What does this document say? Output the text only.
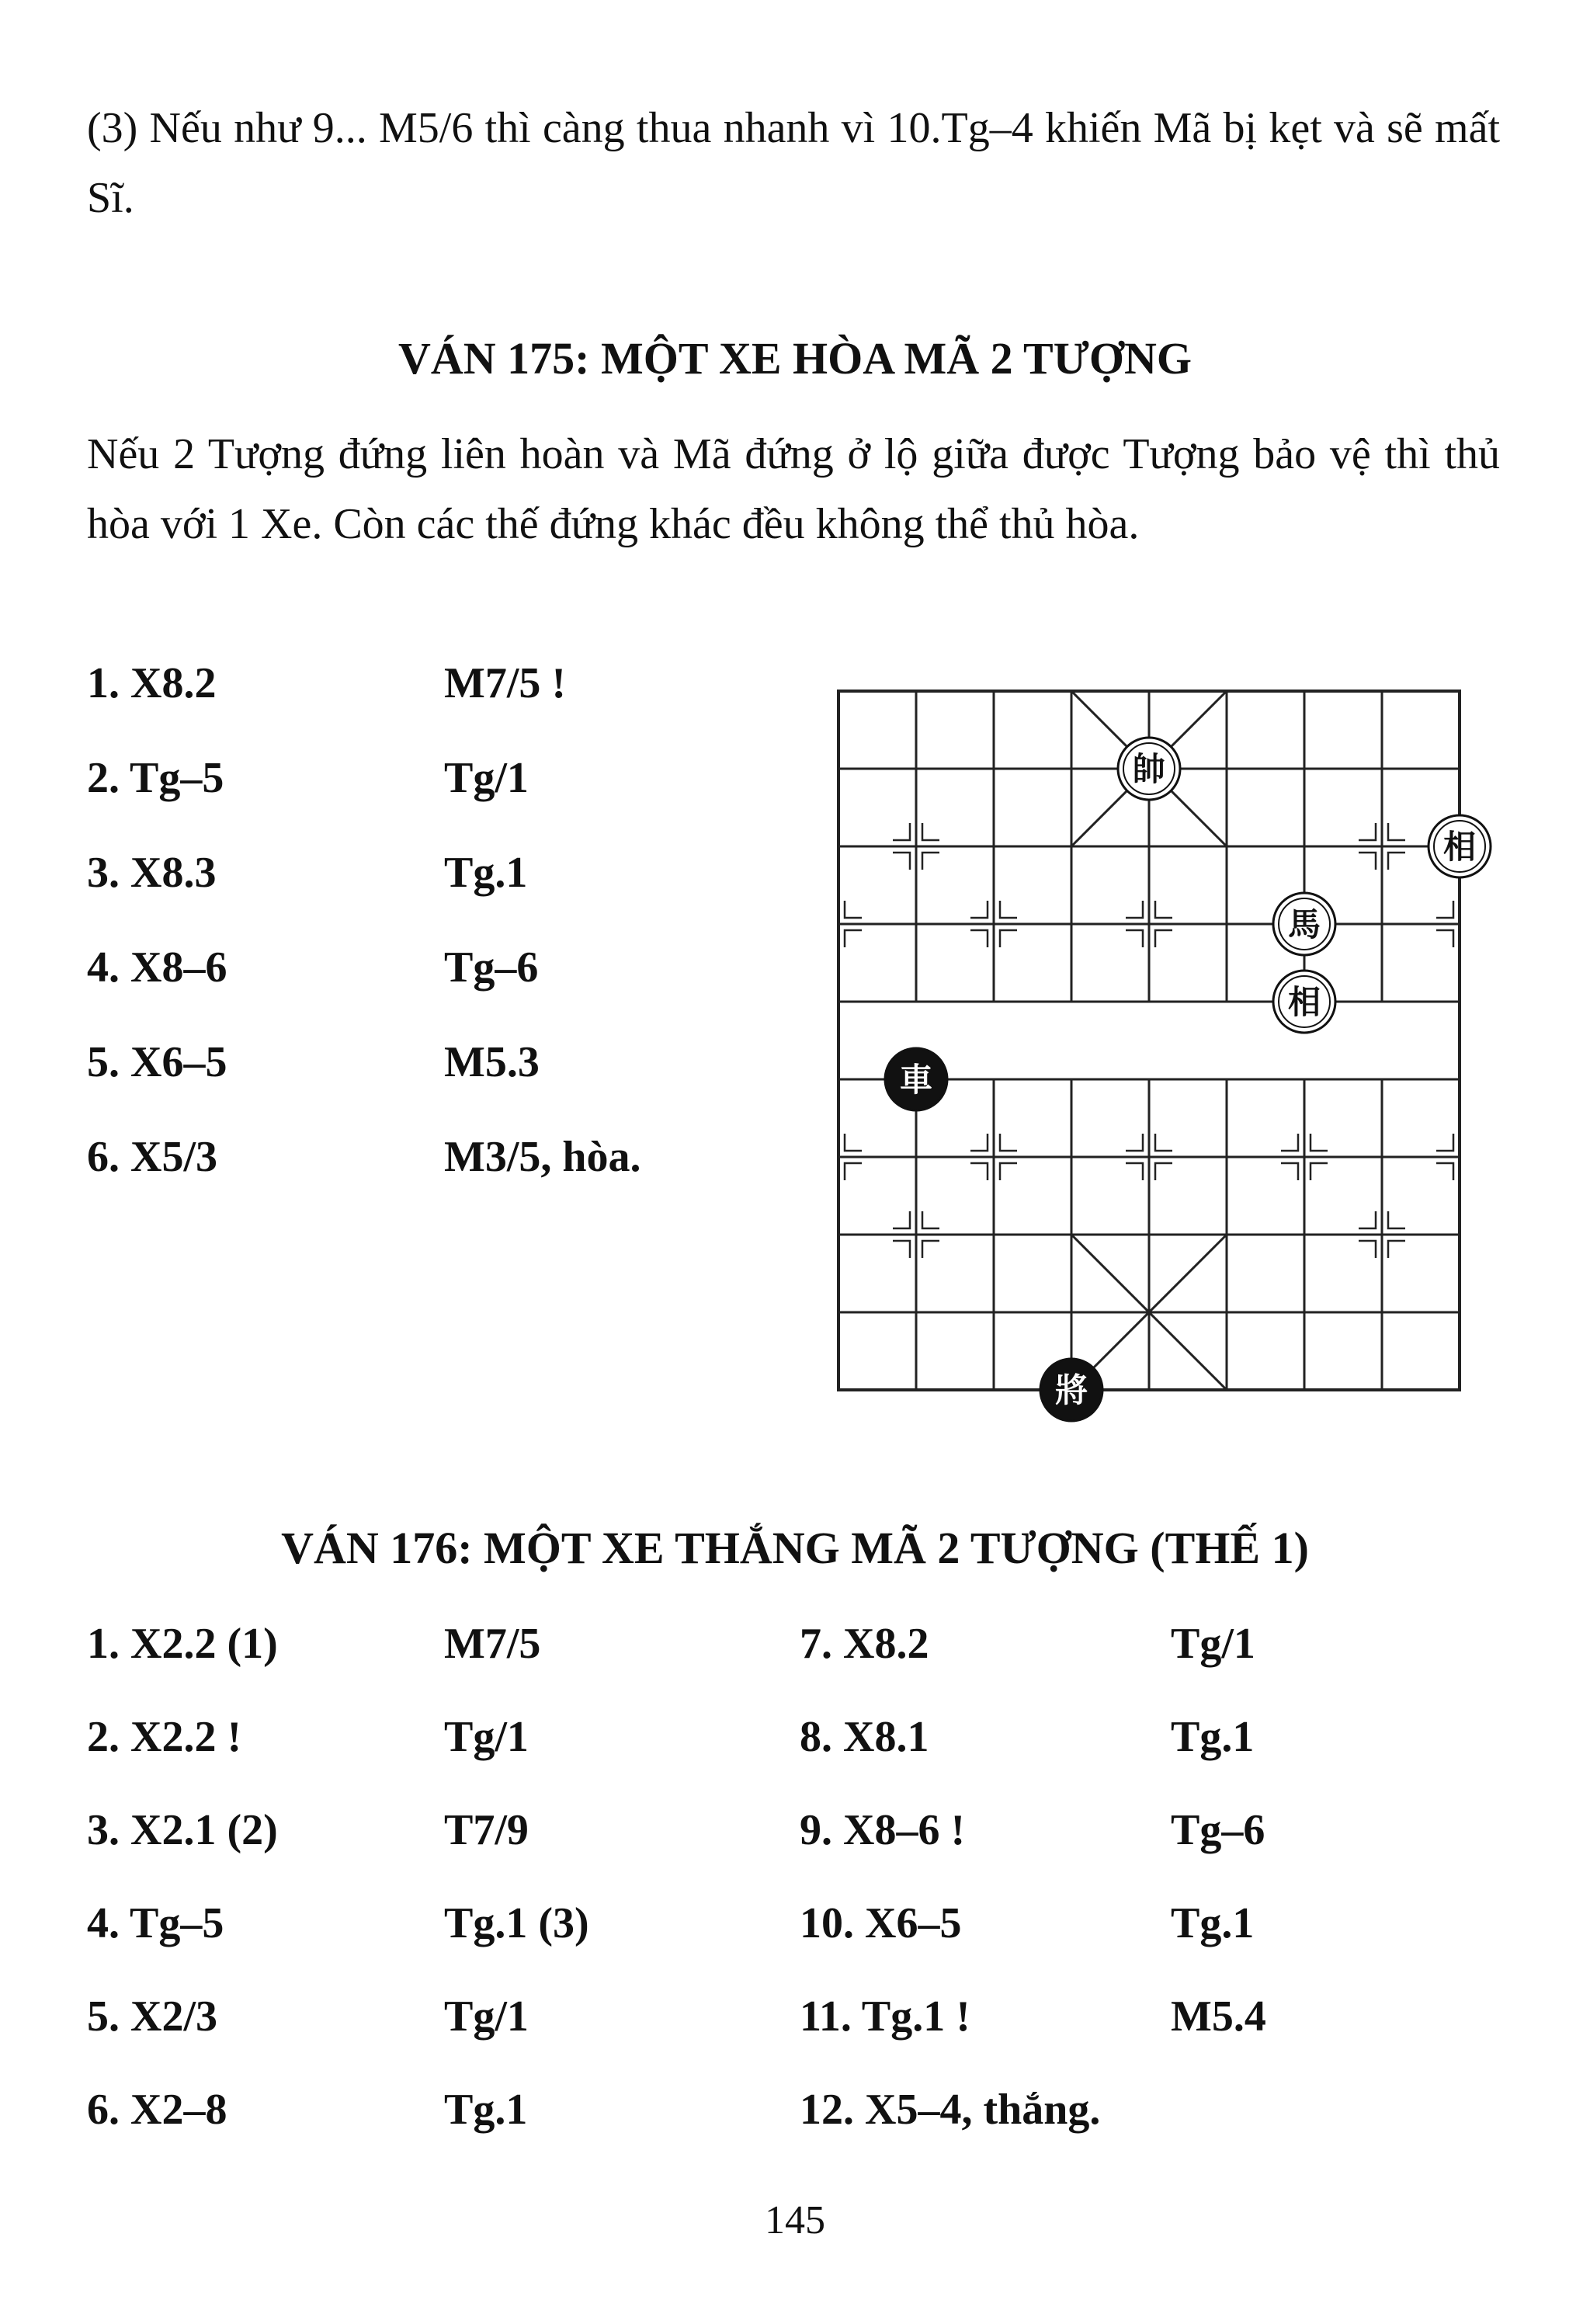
(3) Nếu như 9... M5/6 thì càng thua nhanh vì 10.Tg–4 khiến Mã bị kẹt và sẽ mất Sĩ.
VÁN 175: MỘT XE HÒA MÃ 2 TƯỢNG
Nếu 2 Tượng đứng liên hoàn và Mã đứng ở lộ giữa được Tượng bảo vệ thì thủ hòa với 1 Xe. Còn các thế đứng khác đều không thể thủ hòa.
1. X8.2	M7/5 !
2. Tg–5	Tg/1
3. X8.3	Tg.1
4. X8–6	Tg–6
5. X6–5	M5.3
6. X5/3	M3/5, hòa.
帥
相
馬
相
車
將
VÁN 176: MỘT XE THẮNG MÃ 2 TƯỢNG (THẾ 1)
1. X2.2 (1)	M7/5	7. X8.2	Tg/1
2. X2.2 !	Tg/1	8. X8.1	Tg.1
3. X2.1 (2)	T7/9	9. X8–6 !	Tg–6
4. Tg–5	Tg.1 (3)	10. X6–5	Tg.1
5. X2/3	Tg/1	11. Tg.1 !	M5.4
6. X2–8	Tg.1	12. X5–4, thắng.
145
